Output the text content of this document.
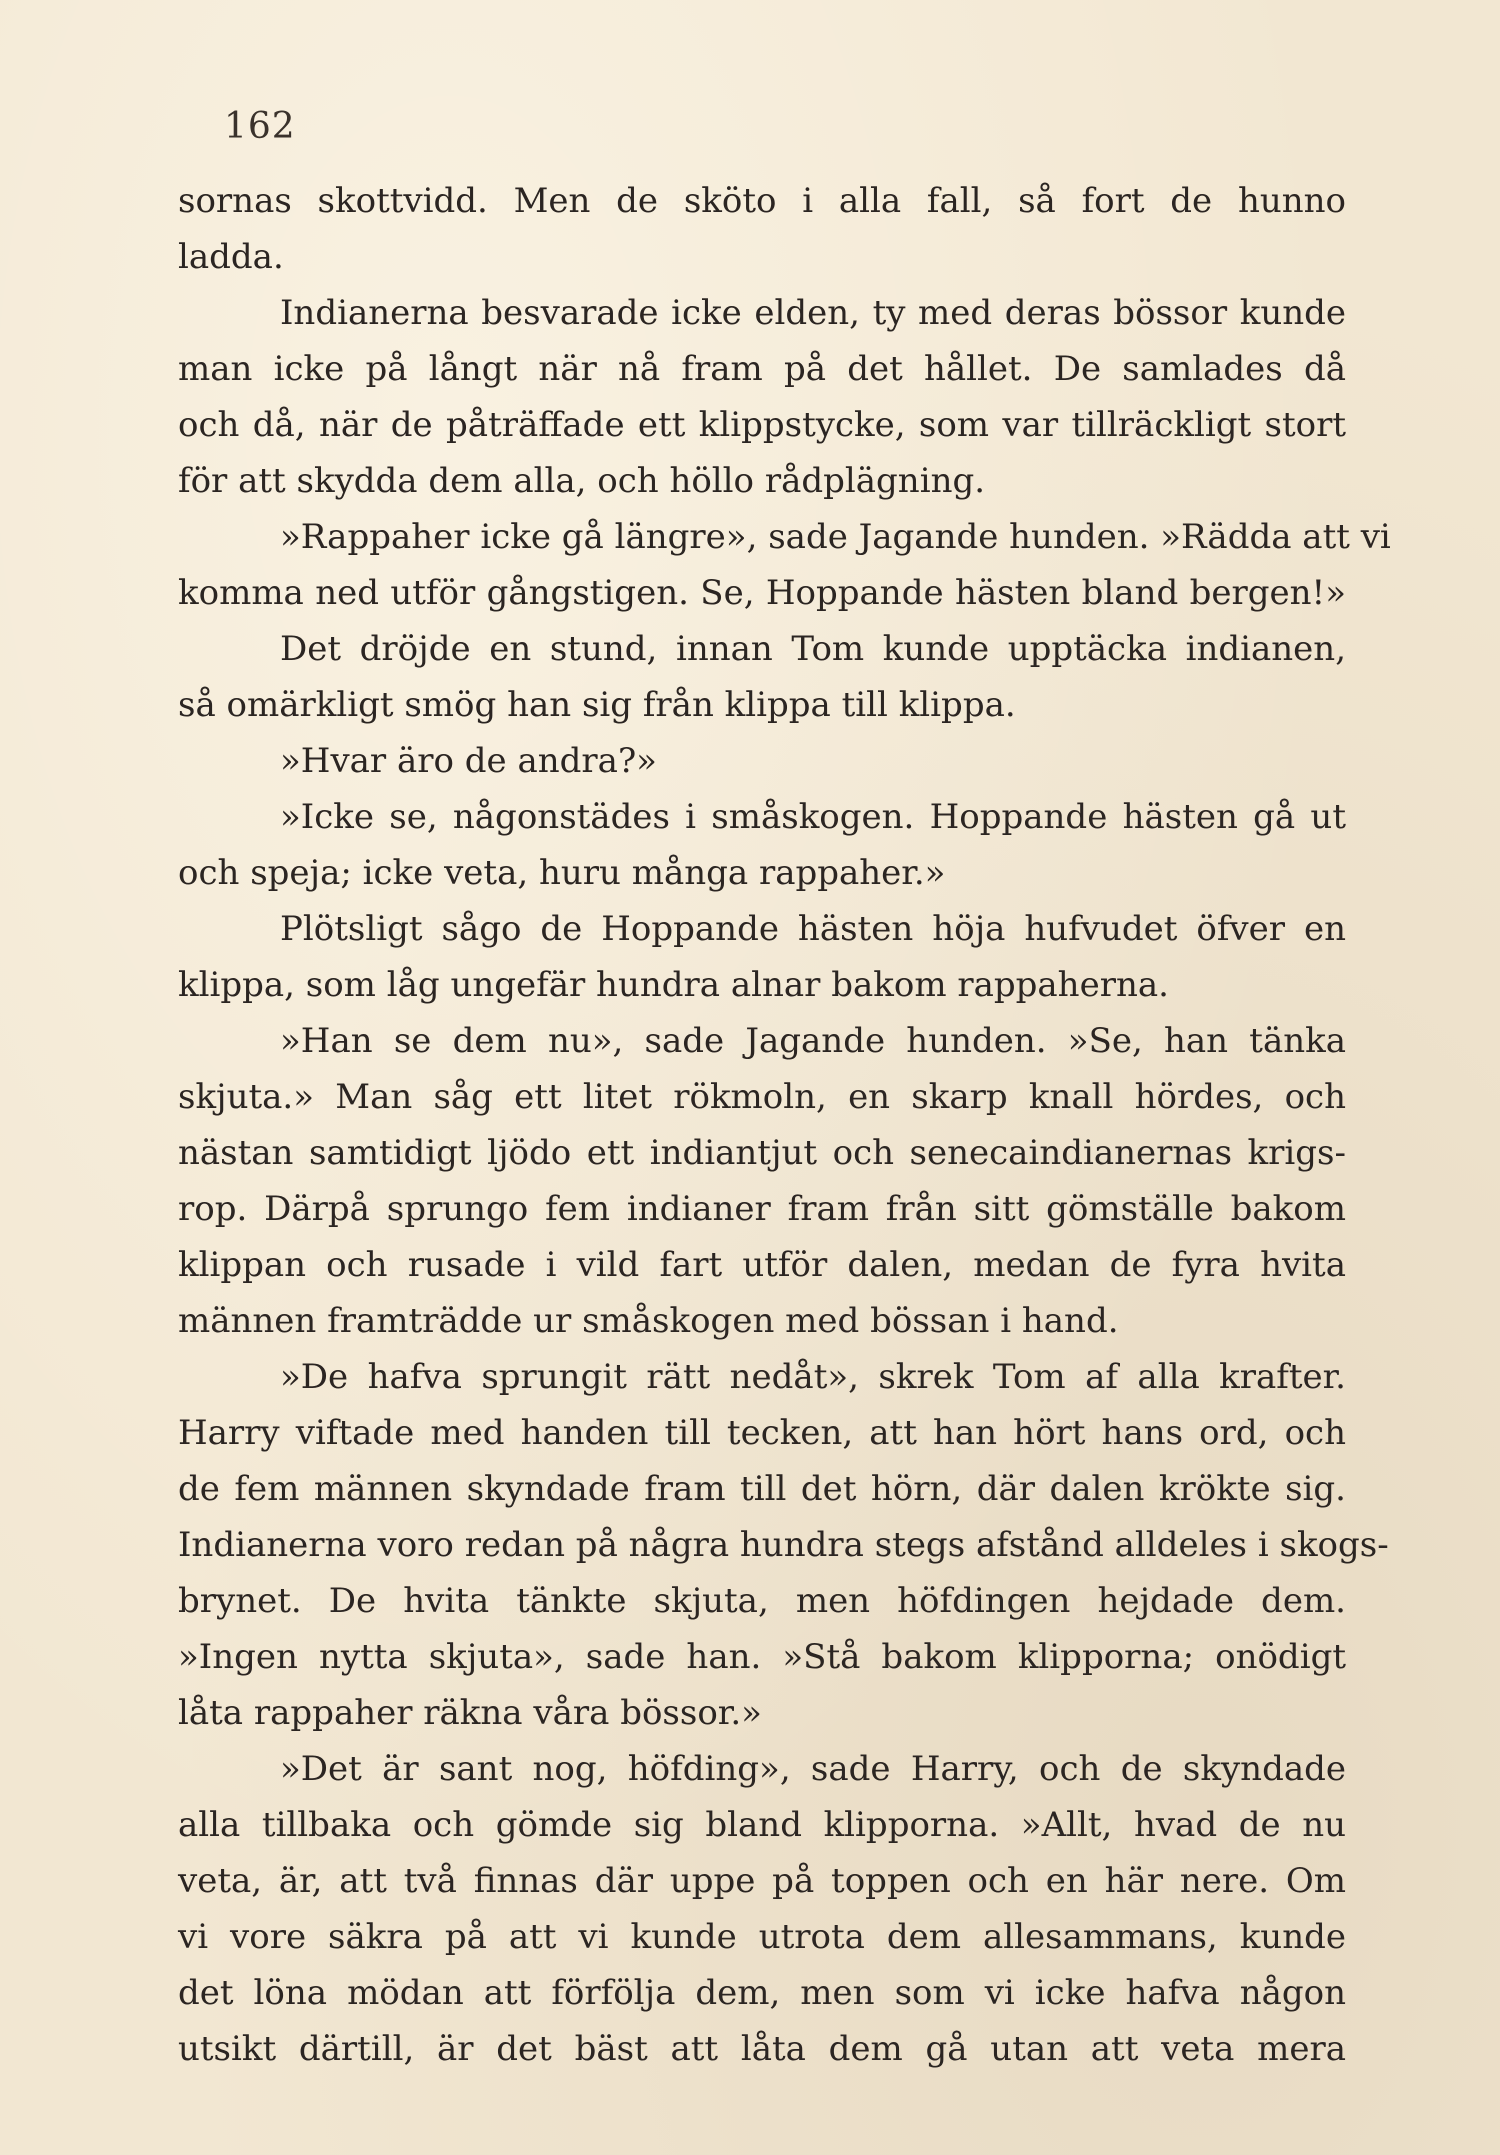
162
sornas skottvidd. Men de sköto i alla fall, så fort de hunno
ladda.
Indianerna besvarade icke elden, ty med deras bössor kunde
man icke på långt när nå fram på det hållet. De samlades då
och då, när de påträffade ett klippstycke, som var tillräckligt stort
för att skydda dem alla, och höllo rådplägning.
»Rappaher icke gå längre», sade Jagande hunden. »Rädda att vi
komma ned utför gångstigen. Se, Hoppande hästen bland bergen!»
Det dröjde en stund, innan Tom kunde upptäcka indianen,
så omärkligt smög han sig från klippa till klippa.
»Hvar äro de andra?»
»Icke se, någonstädes i småskogen. Hoppande hästen gå ut
och speja; icke veta, huru många rappaher.»
Plötsligt sågo de Hoppande hästen höja hufvudet öfver en
klippa, som låg ungefär hundra alnar bakom rappaherna.
»Han se dem nu», sade Jagande hunden. »Se, han tänka
skjuta.» Man såg ett litet rökmoln, en skarp knall hördes, och
nästan samtidigt ljödo ett indiantjut och senecaindianernas krigs-
rop. Därpå sprungo fem indianer fram från sitt gömställe bakom
klippan och rusade i vild fart utför dalen, medan de fyra hvita
männen framträdde ur småskogen med bössan i hand.
»De hafva sprungit rätt nedåt», skrek Tom af alla krafter.
Harry viftade med handen till tecken, att han hört hans ord, och
de fem männen skyndade fram till det hörn, där dalen krökte sig.
Indianerna voro redan på några hundra stegs afstånd alldeles i skogs-
brynet. De hvita tänkte skjuta, men höfdingen hejdade dem.
»Ingen nytta skjuta», sade han. »Stå bakom klipporna; onödigt
låta rappaher räkna våra bössor.»
»Det är sant nog, höfding», sade Harry, och de skyndade
alla tillbaka och gömde sig bland klipporna. »Allt, hvad de nu
veta, är, att två finnas där uppe på toppen och en här nere. Om
vi vore säkra på att vi kunde utrota dem allesammans, kunde
det löna mödan att förfölja dem, men som vi icke hafva någon
utsikt därtill, är det bäst att låta dem gå utan att veta mera
